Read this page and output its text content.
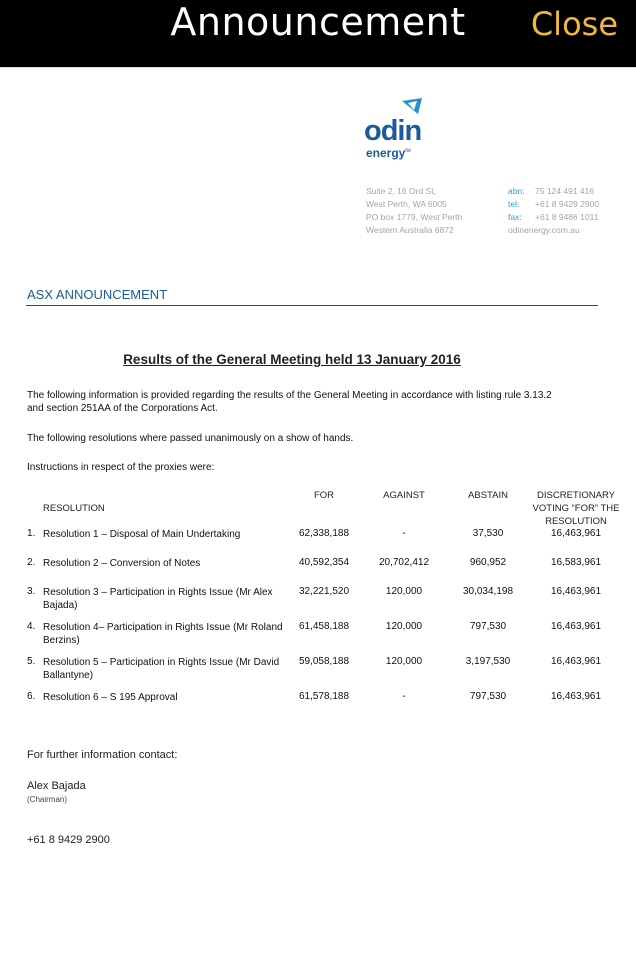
Announcement	Close
odin
energy$^{ltd}$
Suite 2, 16 Ord St,
West Perth, WA 6005
PO box 1779, West Perth
Western Australia 6872
abn: 75 124 491 416
tel: +61 8 9429 2900
fax: +61 8 9486 1011
odinenergy.com.au
ASX ANNOUNCEMENT
Results of the General Meeting held 13 January 2016
The following information is provided regarding the results of the General Meeting in accordance with listing rule 3.13.2 and section 251AA of the Corporations Act.
The following resolutions where passed unanimously on a show of hands.
Instructions in respect of the proxies were:
RESOLUTION
FOR	AGAINST	ABSTAIN	DISCRETIONARY VOTING “FOR” THE RESOLUTION
1. Resolution 1 – Disposal of Main Undertaking	62,338,188	-	37,530	16,463,961
2. Resolution 2 – Conversion of Notes	40,592,354	20,702,412	960,952	16,583,961
3. Resolution 3 – Participation in Rights Issue (Mr Alex Bajada)
32,221,520	120,000	30,034,198	16,463,961
4. Resolution 4– Participation in Rights Issue (Mr Roland Berzins)
61,458,188	120,000	797,530	16,463,961
5. Resolution 5 – Participation in Rights Issue (Mr David Ballantyne)
59,058,188	120,000	3,197,530	16,463,961
6. Resolution 6 – S 195 Approval	61,578,188	-	797,530	16,463,961
For further information contact:
Alex Bajada
(Chairman)
+61 8 9429 2900
